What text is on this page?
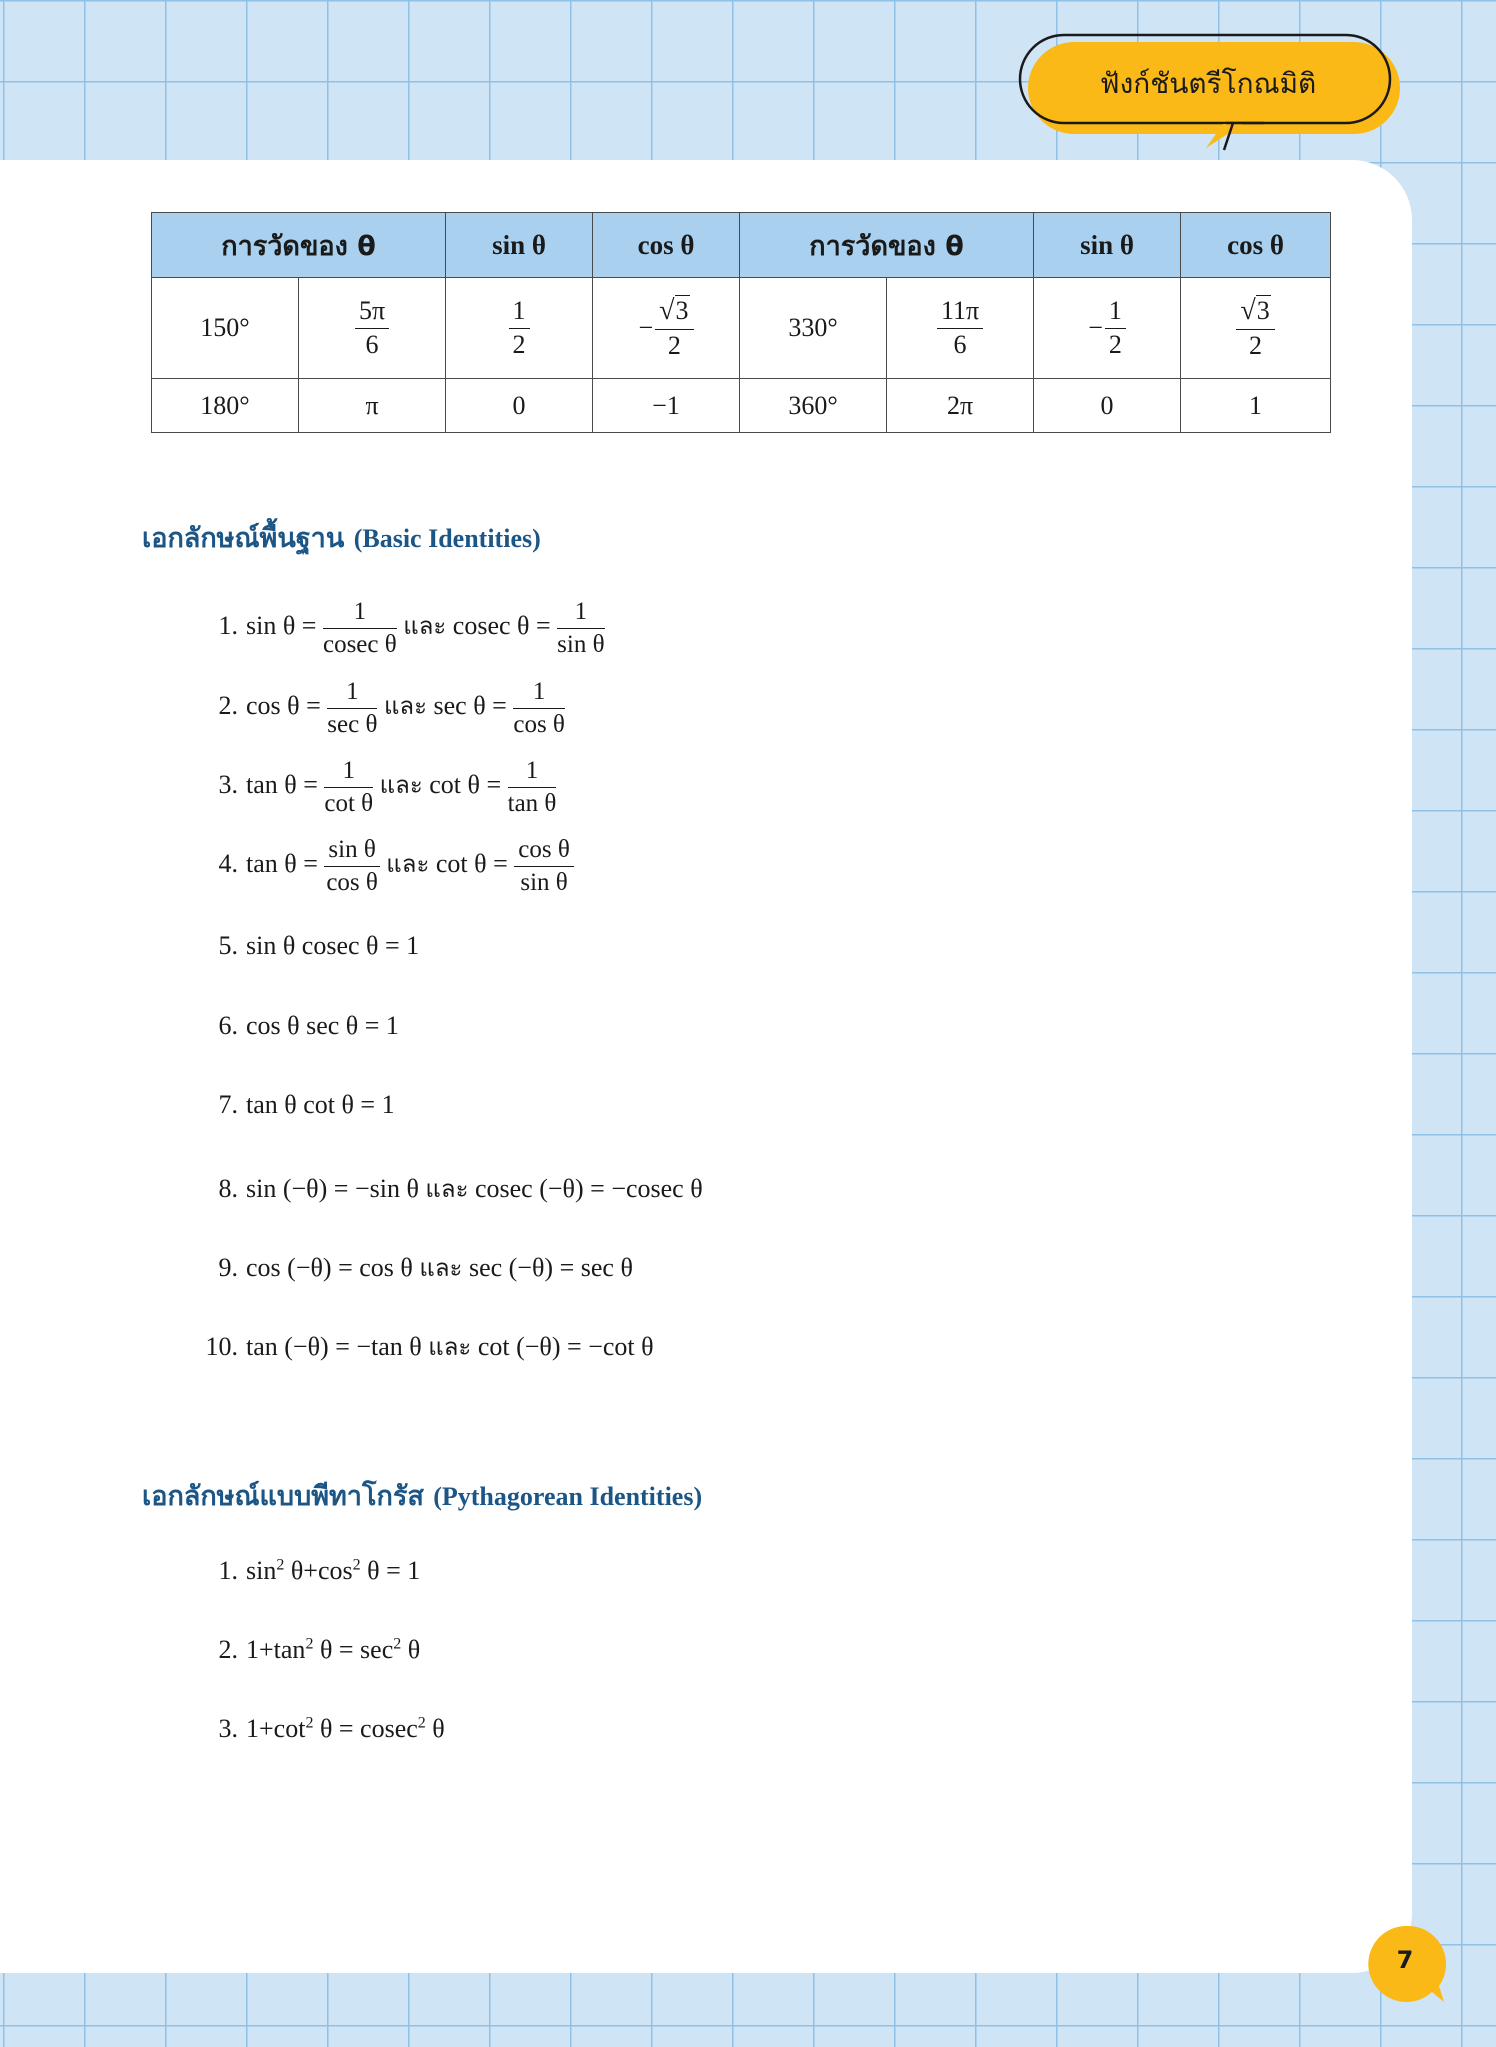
ฟังก์ชันตรีโกณมิติ
การวัดของ θ		sin θ	cos θ	การวัดของ θ		sin θ	cos θ
150°	$\frac{5\pi}{6}$	$\frac{1}{2}$	− $\frac{√3}{2}$	330°	$\frac{11\pi}{6}$	− $\frac{1}{2}$	$\frac{√3}{2}$

180°	π	0	−1	360°	2π	0	1
เอกลักษณ์พื้นฐาน (Basic Identities)
1. $\sin \theta = \frac{1}{\text{cosec θ}}$ และ cosec $\theta = \frac{1}{\text{sin θ}}$
2. $\cos \theta = \frac{1}{\text{sec θ}}$ และ $\sec \theta = \frac{1}{\text{cos θ}}$
3. $\tan \theta = \frac{1}{\text{cot θ}}$ และ $\cot \theta = \frac{1}{\text{tan θ}}$
4. $\tan \theta = \frac{\text{sin θ}}{\text{cos θ}}$ และ $\cot \theta = \frac{\text{cos θ}}{\text{sin θ}}$
5. sin θ cosec θ = 1
6. cos θ sec θ = 1
7. tan θ cot θ = 1
8. sin (−θ) = −sin θ และ cosec (−θ) = −cosec θ
9. cos (−θ) = cos θ และ sec (−θ) = sec θ
10. tan (−θ) = −tan θ และ cot (−θ) = −cot θ
เอกลักษณ์แบบพีทาโกรัส (Pythagorean Identities)
1. $\sin^2 \theta+\cos^2$ θ = 1
2. $1+\tan^2$ $\theta = \sec^2 \theta$
3. $1+\cot^2$ θ = cosec$^2$ θ
7
